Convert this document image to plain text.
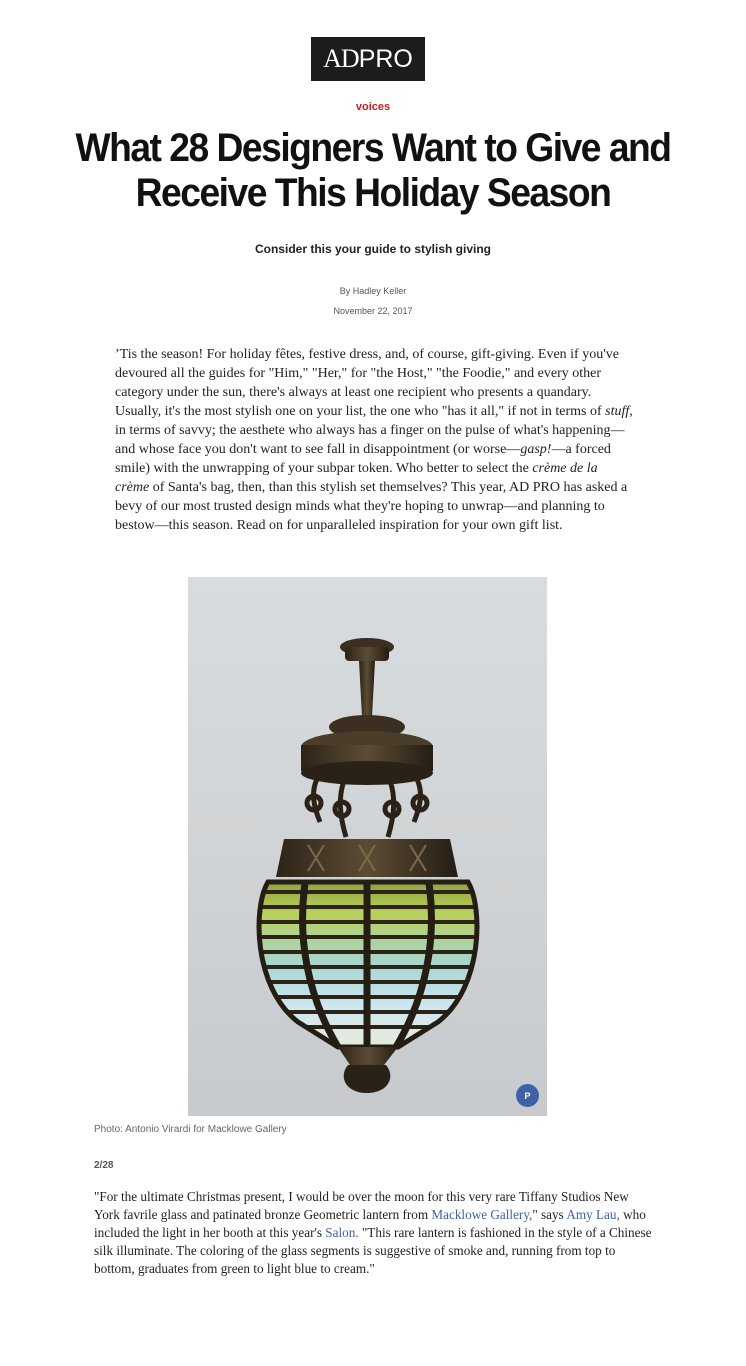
ADPRO
voices
What 28 Designers Want to Give and Receive This Holiday Season
Consider this your guide to stylish giving
By Hadley Keller
November 22, 2017

’Tis the season! For holiday fêtes, festive dress, and, of course, gift-giving. Even if you've devoured all the guides for "Him," "Her," for "the Host," "the Foodie," and every other category under the sun, there's always at least one recipient who presents a quandary. Usually, it's the most stylish one on your list, the one who "has it all," if not in terms of stuff, in terms of savvy; the aesthete who always has a finger on the pulse of what's happening—and whose face you don't want to see fall in disappointment (or worse—gasp!—a forced smile) with the unwrapping of your subpar token. Who better to select the crème de la crème of Santa's bag, then, than this stylish set themselves? This year, AD PRO has asked a bevy of our most trusted design minds what they're hoping to unwrap—and planning to bestow—this season. Read on for unparalleled inspiration for your own gift list.

P
Photo: Antonio Virardi for Macklowe Gallery
2/28

"For the ultimate Christmas present, I would be over the moon for this very rare Tiffany Studios New York favrile glass and patinated bronze Geometric lantern from Macklowe Gallery," says Amy Lau, who included the light in her booth at this year's Salon. "This rare lantern is fashioned in the style of a Chinese silk illuminate. The coloring of the glass segments is suggestive of smoke and, running from top to bottom, graduates from green to light blue to cream."
